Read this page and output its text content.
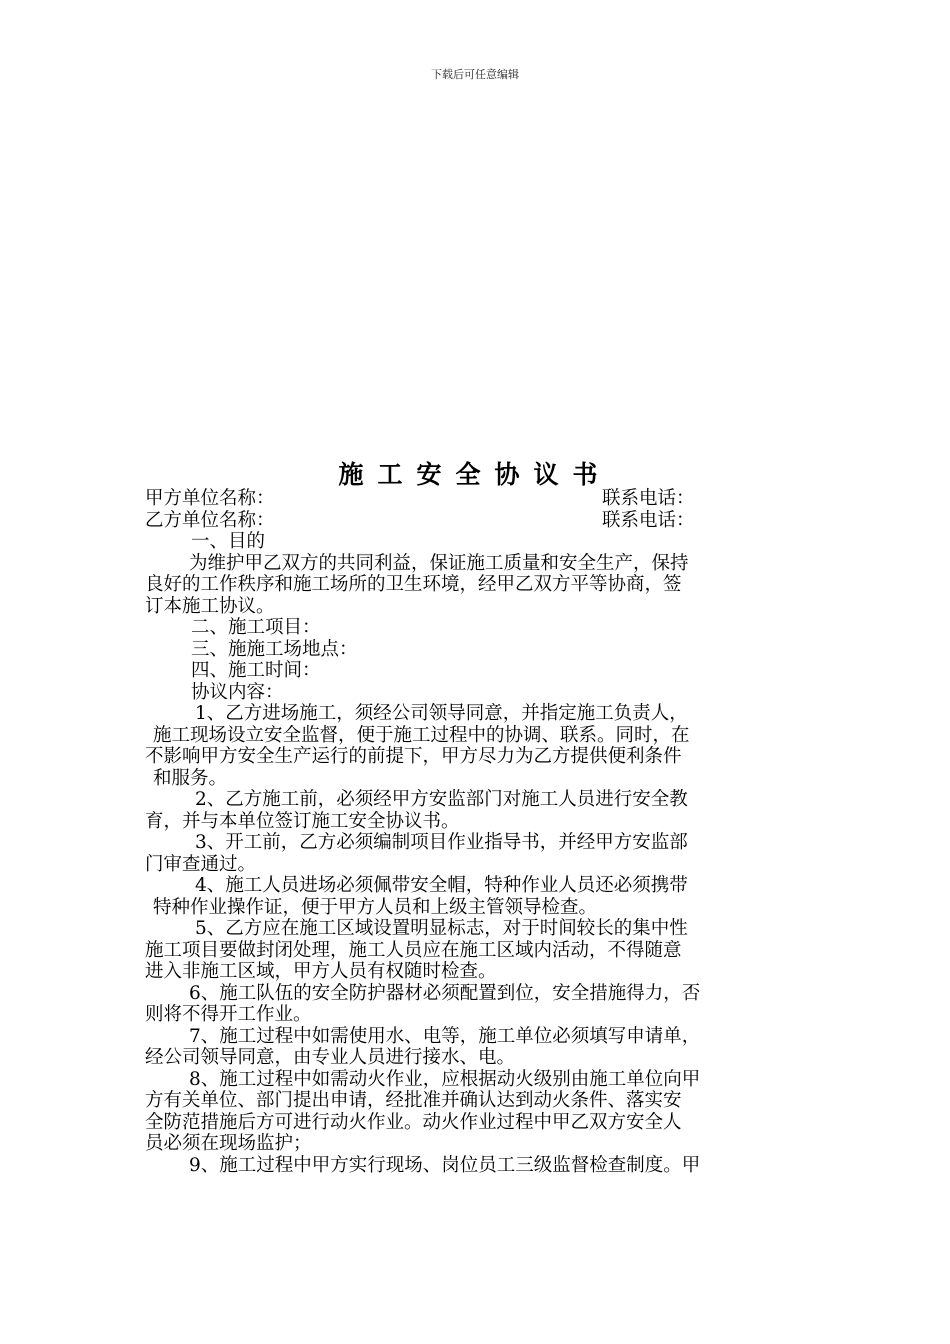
下载后可任意编辑
施工安全协议书
甲方单位名称：	联系电话：
乙方单位名称：	联系电话：
一、目的
为维护甲乙双方的共同利益，保证施工质量和安全生产，保持
良好的工作秩序和施工场所的卫生环境，经甲乙双方平等协商，签
订本施工协议。
二、施工项目：
三、施施工场地点：
四、施工时间：
协议内容：
1、乙方进场施工，须经公司领导同意，并指定施工负责人，
施工现场设立安全监督，便于施工过程中的协调、联系。同时，在
不影响甲方安全生产运行的前提下，甲方尽力为乙方提供便利条件
和服务。
2、乙方施工前，必须经甲方安监部门对施工人员进行安全教
育，并与本单位签订施工安全协议书。
3、开工前，乙方必须编制项目作业指导书，并经甲方安监部
门审查通过。
4、施工人员进场必须佩带安全帽，特种作业人员还必须携带
特种作业操作证，便于甲方人员和上级主管领导检查。
5、乙方应在施工区域设置明显标志，对于时间较长的集中性
施工项目要做封闭处理，施工人员应在施工区域内活动，不得随意
进入非施工区域，甲方人员有权随时检查。
6、施工队伍的安全防护器材必须配置到位，安全措施得力，否
则将不得开工作业。
7、施工过程中如需使用水、电等，施工单位必须填写申请单，
经公司领导同意，由专业人员进行接水、电。
8、施工过程中如需动火作业，应根据动火级别由施工单位向甲
方有关单位、部门提出申请，经批准并确认达到动火条件、落实安
全防范措施后方可进行动火作业。动火作业过程中甲乙双方安全人
员必须在现场监护；
9、施工过程中甲方实行现场、岗位员工三级监督检查制度。甲
